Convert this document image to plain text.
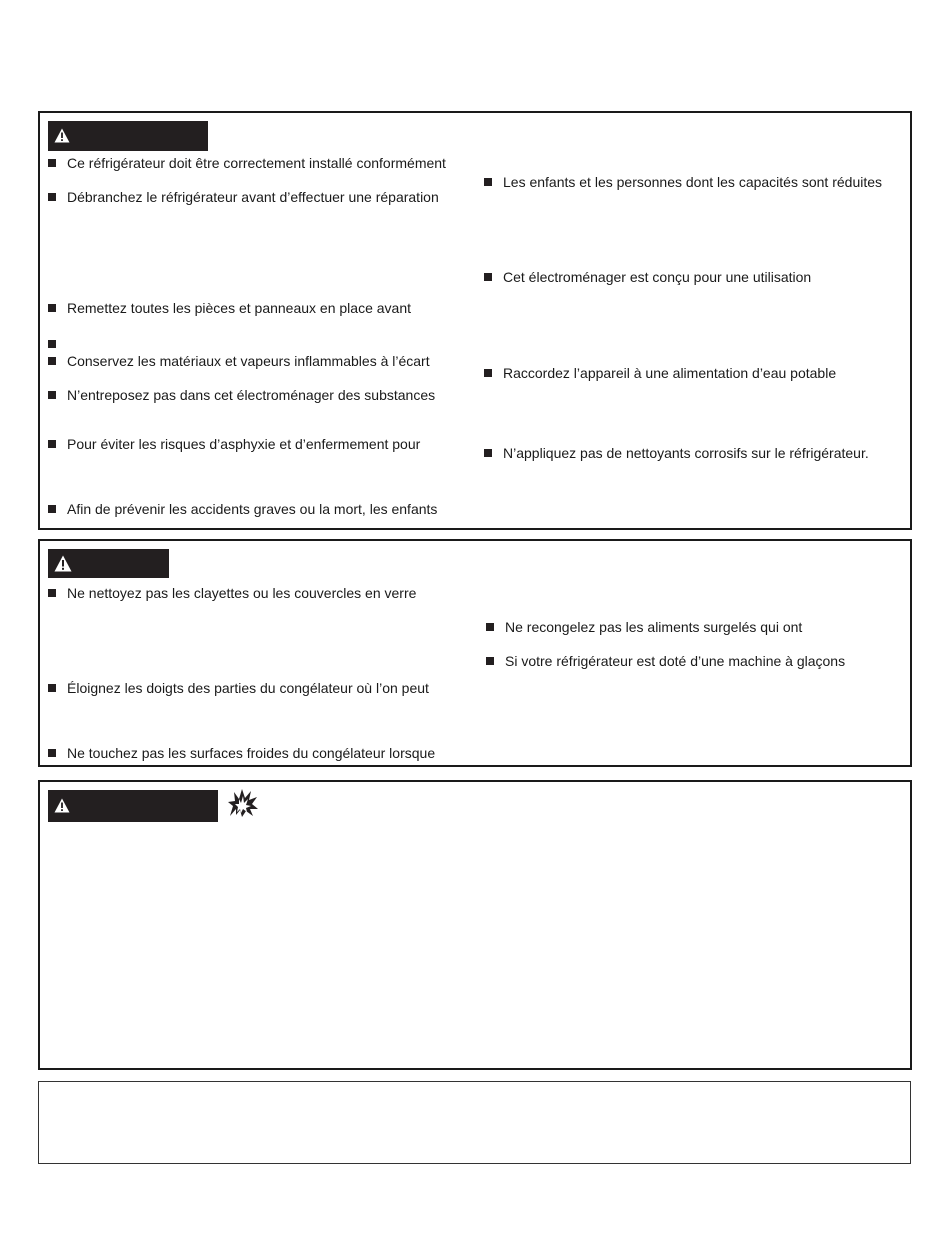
Ce réfrigérateur doit être correctement installé conformément
Débranchez le réfrigérateur avant d’effectuer une réparation
Remettez toutes les pièces et panneaux en place avant
Conservez les matériaux et vapeurs inflammables à l’écart
N’entreposez pas dans cet électroménager des substances
Pour éviter les risques d’asphyxie et d’enfermement pour
Afin de prévenir les accidents graves ou la mort, les enfants
Les enfants et les personnes dont les capacités sont réduites
Cet électroménager est conçu pour une utilisation
Raccordez l’appareil à une alimentation d’eau potable
N’appliquez pas de nettoyants corrosifs sur le réfrigérateur.
Ne nettoyez pas les clayettes ou les couvercles en verre
Éloignez les doigts des parties du congélateur où l’on peut
Ne touchez pas les surfaces froides du congélateur lorsque
Ne recongelez pas les aliments surgelés qui ont
Si votre réfrigérateur est doté d’une machine à glaçons
